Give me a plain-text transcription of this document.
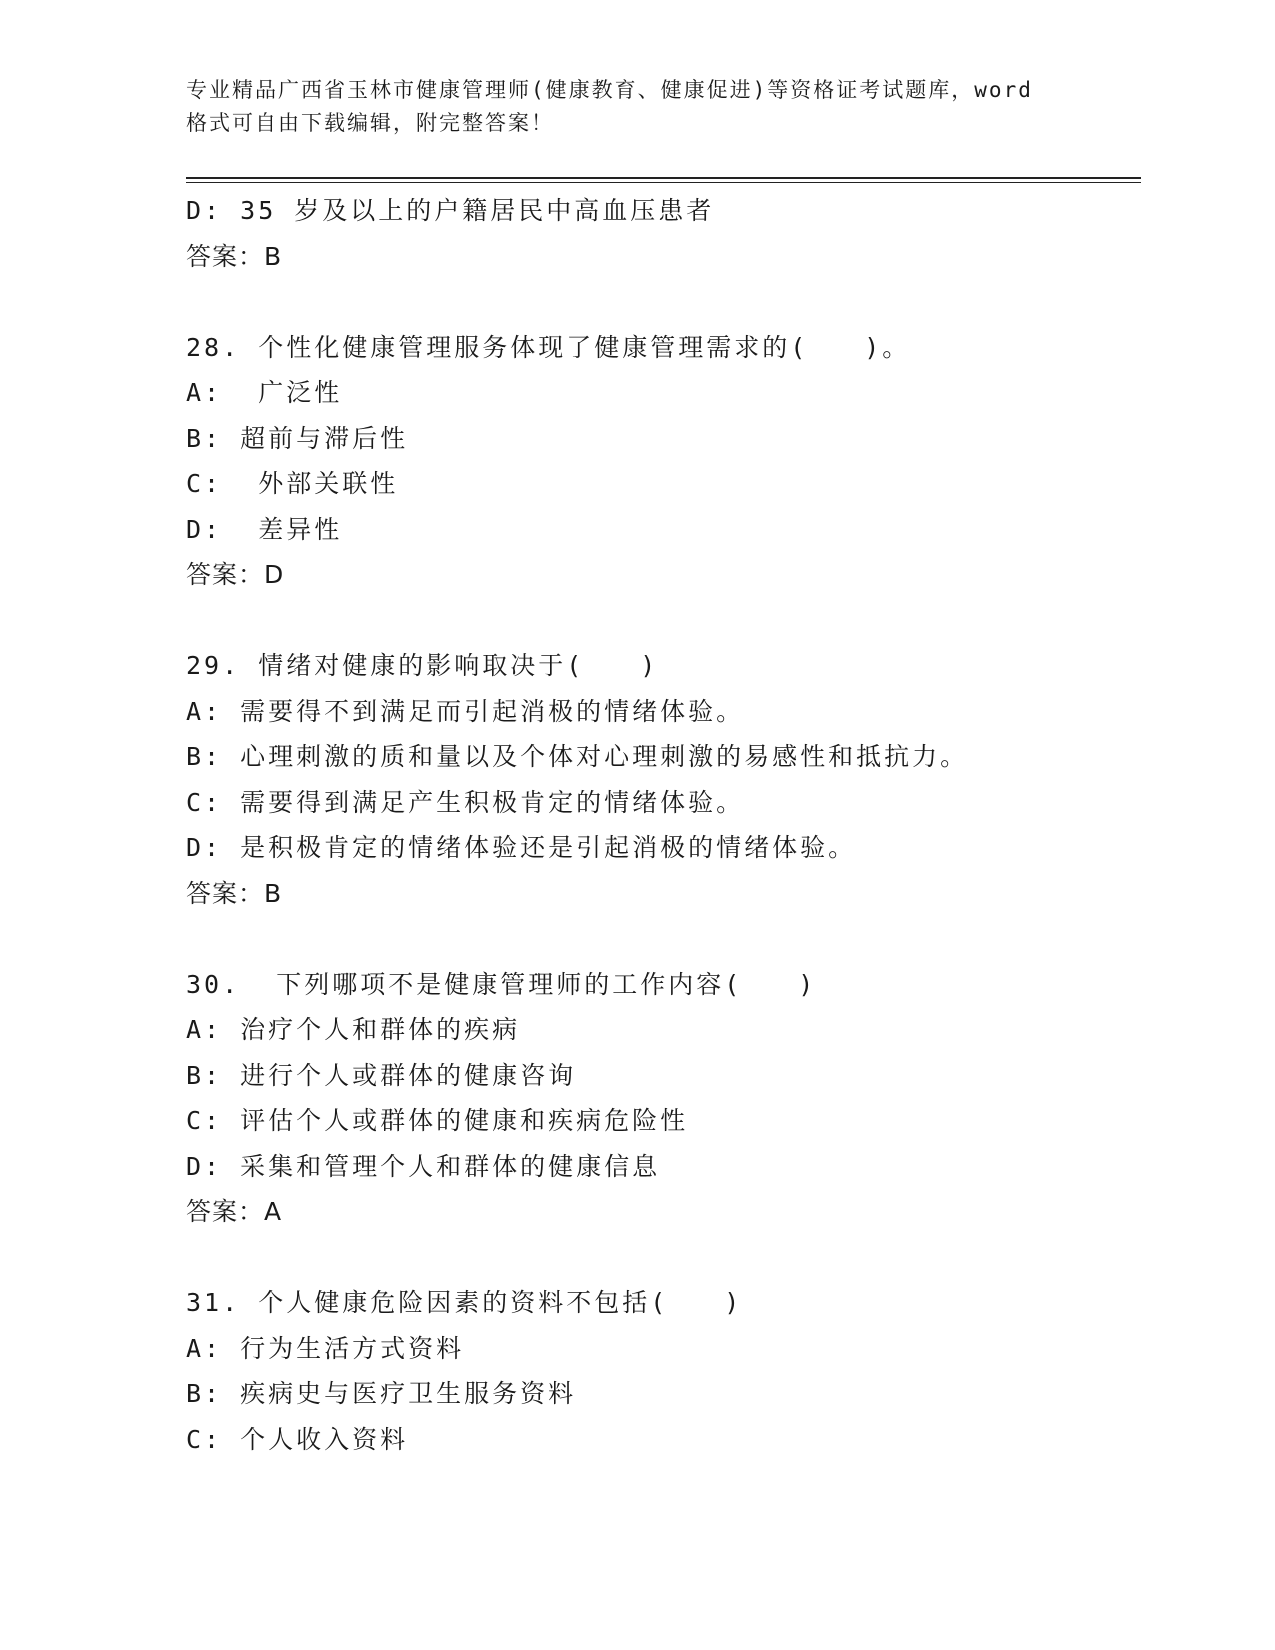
专业精品广西省玉林市健康管理师(健康教育、健康促进)等资格证考试题库，word
格式可自由下载编辑，附完整答案！
D: 35 岁及以上的户籍居民中高血压患者
答案：B
28. 个性化健康管理服务体现了健康管理需求的(　　)。
A:  广泛性
B: 超前与滞后性
C:  外部关联性
D:  差异性
答案：D
29. 情绪对健康的影响取决于(　　)
A: 需要得不到满足而引起消极的情绪体验。
B: 心理刺激的质和量以及个体对心理刺激的易感性和抵抗力。
C: 需要得到满足产生积极肯定的情绪体验。
D: 是积极肯定的情绪体验还是引起消极的情绪体验。
答案：B
30.  下列哪项不是健康管理师的工作内容(　　)
A: 治疗个人和群体的疾病
B: 进行个人或群体的健康咨询
C: 评估个人或群体的健康和疾病危险性
D: 采集和管理个人和群体的健康信息
答案：A
31. 个人健康危险因素的资料不包括(　　)
A: 行为生活方式资料
B: 疾病史与医疗卫生服务资料
C: 个人收入资料
